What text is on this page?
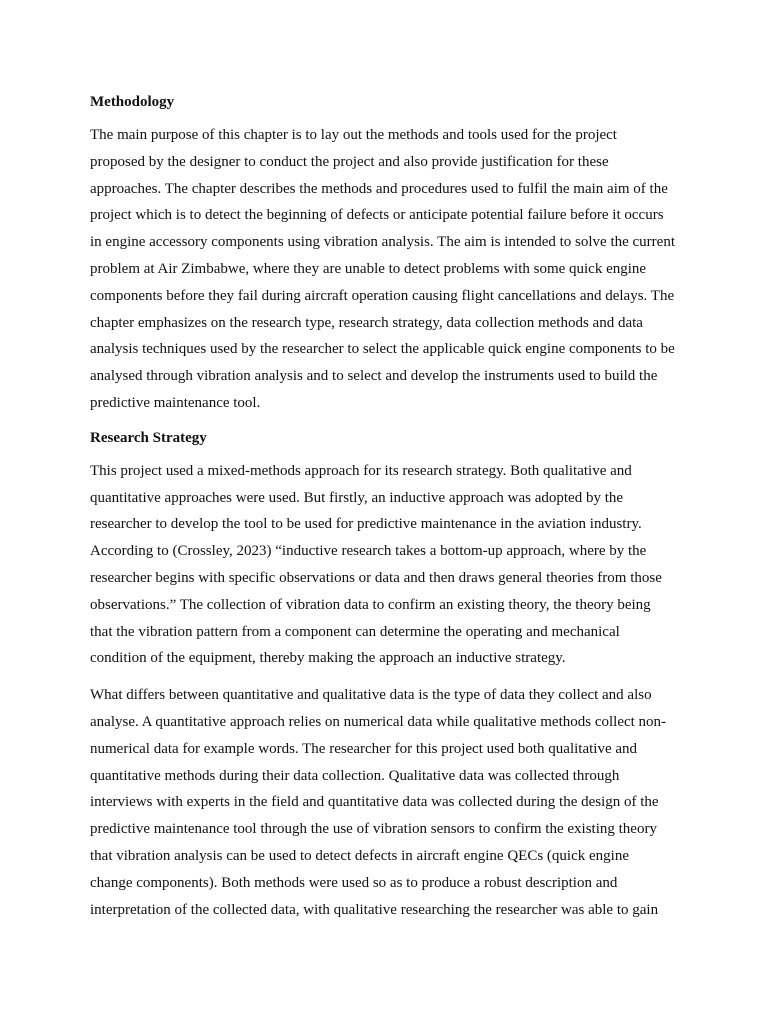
Methodology
The main purpose of this chapter is to lay out the methods and tools used for the project
proposed by the designer to conduct the project and also provide justification for these
approaches. The chapter describes the methods and procedures used to fulfil the main aim of the
project which is to detect the beginning of defects or anticipate potential failure before it occurs
in engine accessory components using vibration analysis. The aim is intended to solve the current
problem at Air Zimbabwe, where they are unable to detect problems with some quick engine
components before they fail during aircraft operation causing flight cancellations and delays. The
chapter emphasizes on the research type, research strategy, data collection methods and data
analysis techniques used by the researcher to select the applicable quick engine components to be
analysed through vibration analysis and to select and develop the instruments used to build the
predictive maintenance tool.
Research Strategy
This project used a mixed-methods approach for its research strategy. Both qualitative and
quantitative approaches were used. But firstly, an inductive approach was adopted by the
researcher to develop the tool to be used for predictive maintenance in the aviation industry.
According to (Crossley, 2023) “inductive research takes a bottom-up approach, where by the
researcher begins with specific observations or data and then draws general theories from those
observations.” The collection of vibration data to confirm an existing theory, the theory being
that the vibration pattern from a component can determine the operating and mechanical
condition of the equipment, thereby making the approach an inductive strategy.
What differs between quantitative and qualitative data is the type of data they collect and also
analyse. A quantitative approach relies on numerical data while qualitative methods collect non-
numerical data for example words. The researcher for this project used both qualitative and
quantitative methods during their data collection. Qualitative data was collected through
interviews with experts in the field and quantitative data was collected during the design of the
predictive maintenance tool through the use of vibration sensors to confirm the existing theory
that vibration analysis can be used to detect defects in aircraft engine QECs (quick engine
change components). Both methods were used so as to produce a robust description and
interpretation of the collected data, with qualitative researching the researcher was able to gain
